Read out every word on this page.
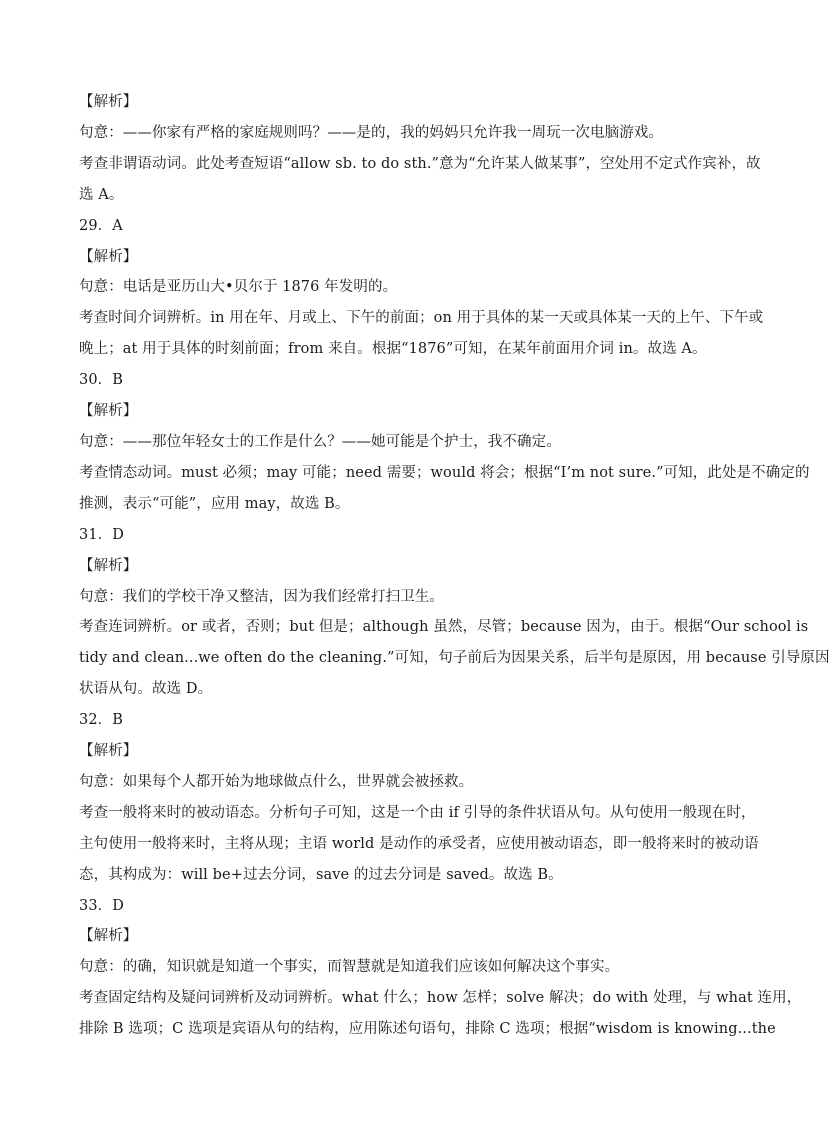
【解析】
句意：——你家有严格的家庭规则吗？——是的，我的妈妈只允许我一周玩一次电脑游戏。
考查非谓语动词。此处考查短语“allow sb. to do sth.”意为“允许某人做某事”，空处用不定式作宾补，故
选 A。
29．A
【解析】
句意：电话是亚历山大•贝尔于 1876 年发明的。
考查时间介词辨析。in 用在年、月或上、下午的前面；on 用于具体的某一天或具体某一天的上午、下午或
晚上；at 用于具体的时刻前面；from 来自。根据“1876”可知，在某年前面用介词 in。故选 A。
30．B
【解析】
句意：——那位年轻女士的工作是什么？——她可能是个护士，我不确定。
考查情态动词。must 必须；may 可能；need 需要；would 将会；根据“I’m not sure.”可知，此处是不确定的
推测，表示“可能”，应用 may，故选 B。
31．D
【解析】
句意：我们的学校干净又整洁，因为我们经常打扫卫生。
考查连词辨析。or 或者，否则；but 但是；although 虽然，尽管；because 因为，由于。根据“Our school is
tidy and clean...we often do the cleaning.”可知，句子前后为因果关系，后半句是原因，用 because 引导原因
状语从句。故选 D。
32．B
【解析】
句意：如果每个人都开始为地球做点什么，世界就会被拯救。
考查一般将来时的被动语态。分析句子可知，这是一个由 if 引导的条件状语从句。从句使用一般现在时，
主句使用一般将来时，主将从现；主语 world 是动作的承受者，应使用被动语态，即一般将来时的被动语
态，其构成为：will be+过去分词，save 的过去分词是 saved。故选 B。
33．D
【解析】
句意：的确，知识就是知道一个事实，而智慧就是知道我们应该如何解决这个事实。
考查固定结构及疑问词辨析及动词辨析。what 什么；how 怎样；solve 解决；do with 处理，与 what 连用，
排除 B 选项；C 选项是宾语从句的结构，应用陈述句语句，排除 C 选项；根据“wisdom is knowing...the
